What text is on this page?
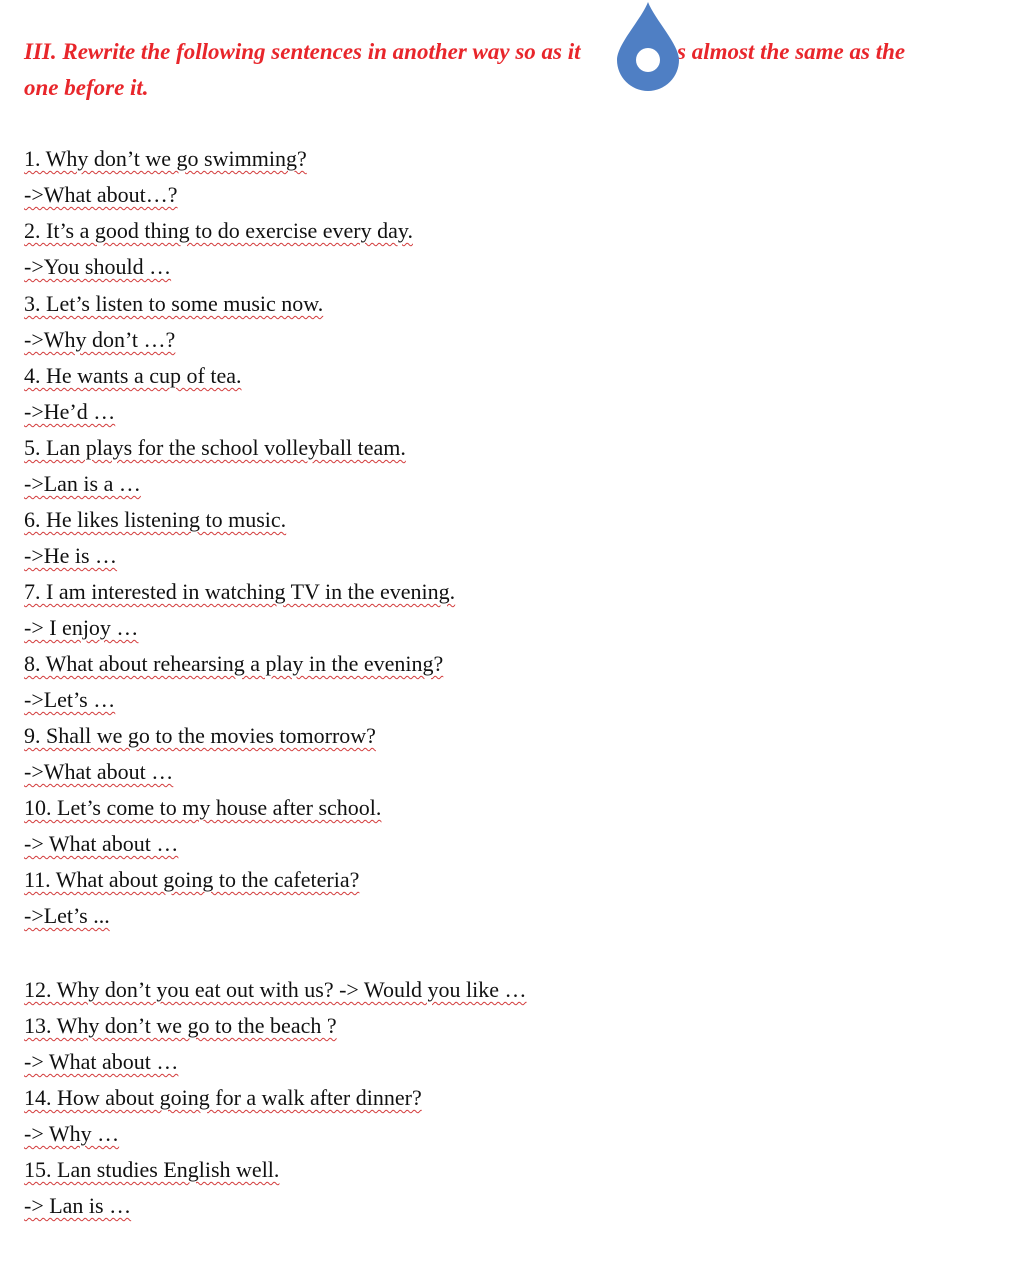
III. Rewrite the following sentences in another way so as it	s almost the same as the
one before it.
1. Why don’t we go swimming?
->What about…?
2. It’s a good thing to do exercise every day.
->You should …
3. Let’s listen to some music now.
->Why don’t …?
4. He wants a cup of tea.
->He’d …
5. Lan plays for the school volleyball team.
->Lan is a …
6. He likes listening to music.
->He is …
7. I am interested in watching TV in the evening.
-> I enjoy …
8. What about rehearsing a play in the evening?
->Let’s …
9. Shall we go to the movies tomorrow?
->What about …
10. Let’s come to my house after school.
-> What about …
11. What about going to the cafeteria?
->Let’s ...
12. Why don’t you eat out with us? -> Would you like …
13. Why don’t we go to the beach ?
-> What about …
14. How about going for a walk after dinner?
-> Why …
15. Lan studies English well.
-> Lan is …
